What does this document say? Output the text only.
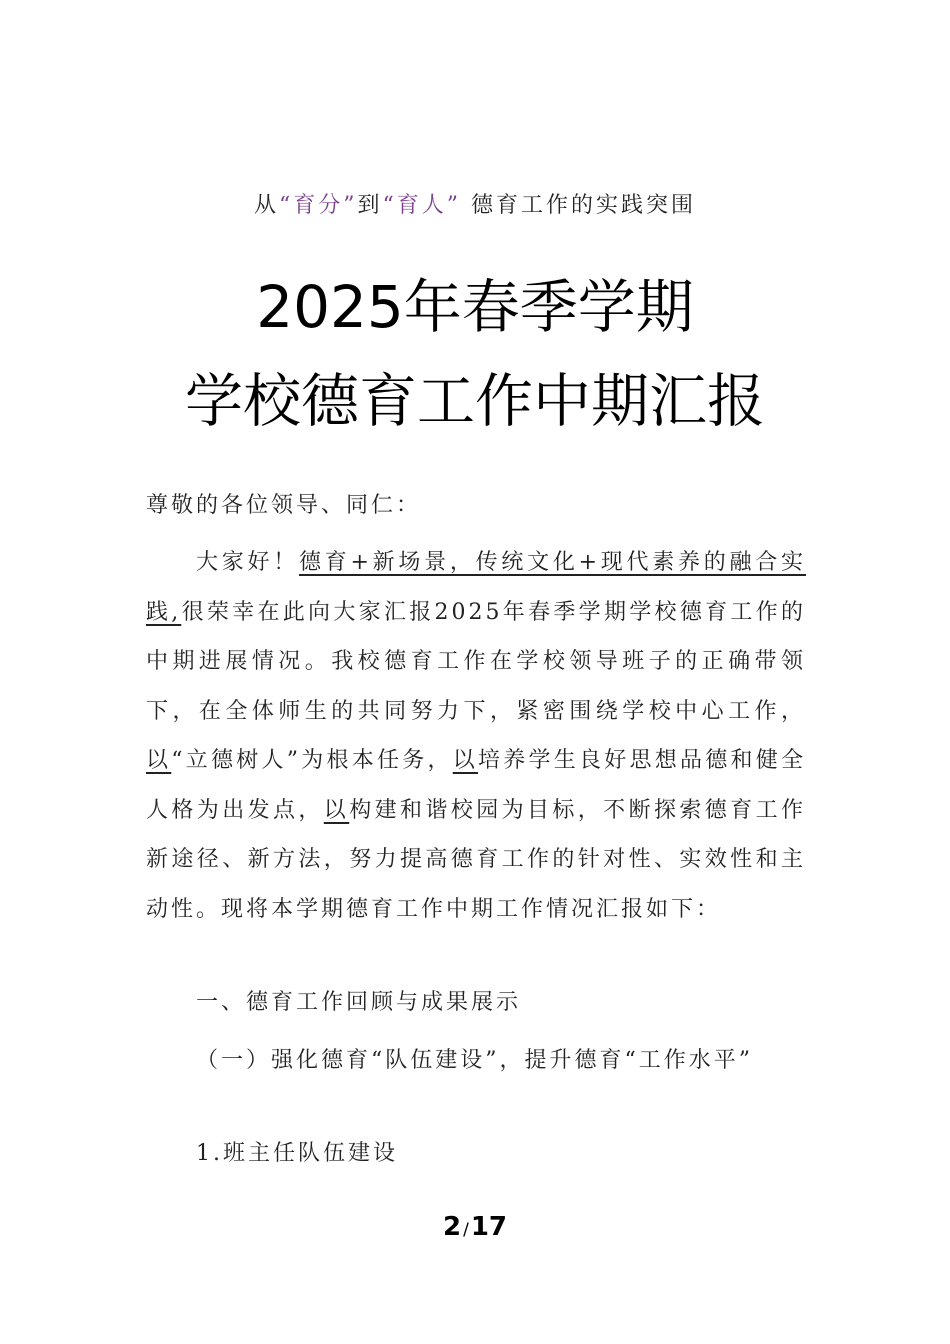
从“育分”到“育人” 德育工作的实践突围
2025年春季学期
学校德育工作中期汇报
尊敬的各位领导、同仁：
大家好！德育+新场景，传统文化+现代素养的融合实践,很荣幸在此向大家汇报2025年春季学期学校德育工作的中期进展情况。我校德育工作在学校领导班子的正确带领下，在全体师生的共同努力下，紧密围绕学校中心工作，以“立德树人”为根本任务，以培养学生良好思想品德和健全人格为出发点，以构建和谐校园为目标，不断探索德育工作新途径、新方法，努力提高德育工作的针对性、实效性和主动性。现将本学期德育工作中期工作情况汇报如下：
一、德育工作回顾与成果展示
（一）强化德育“队伍建设”，提升德育“工作水平”
1.班主任队伍建设
2 /17
